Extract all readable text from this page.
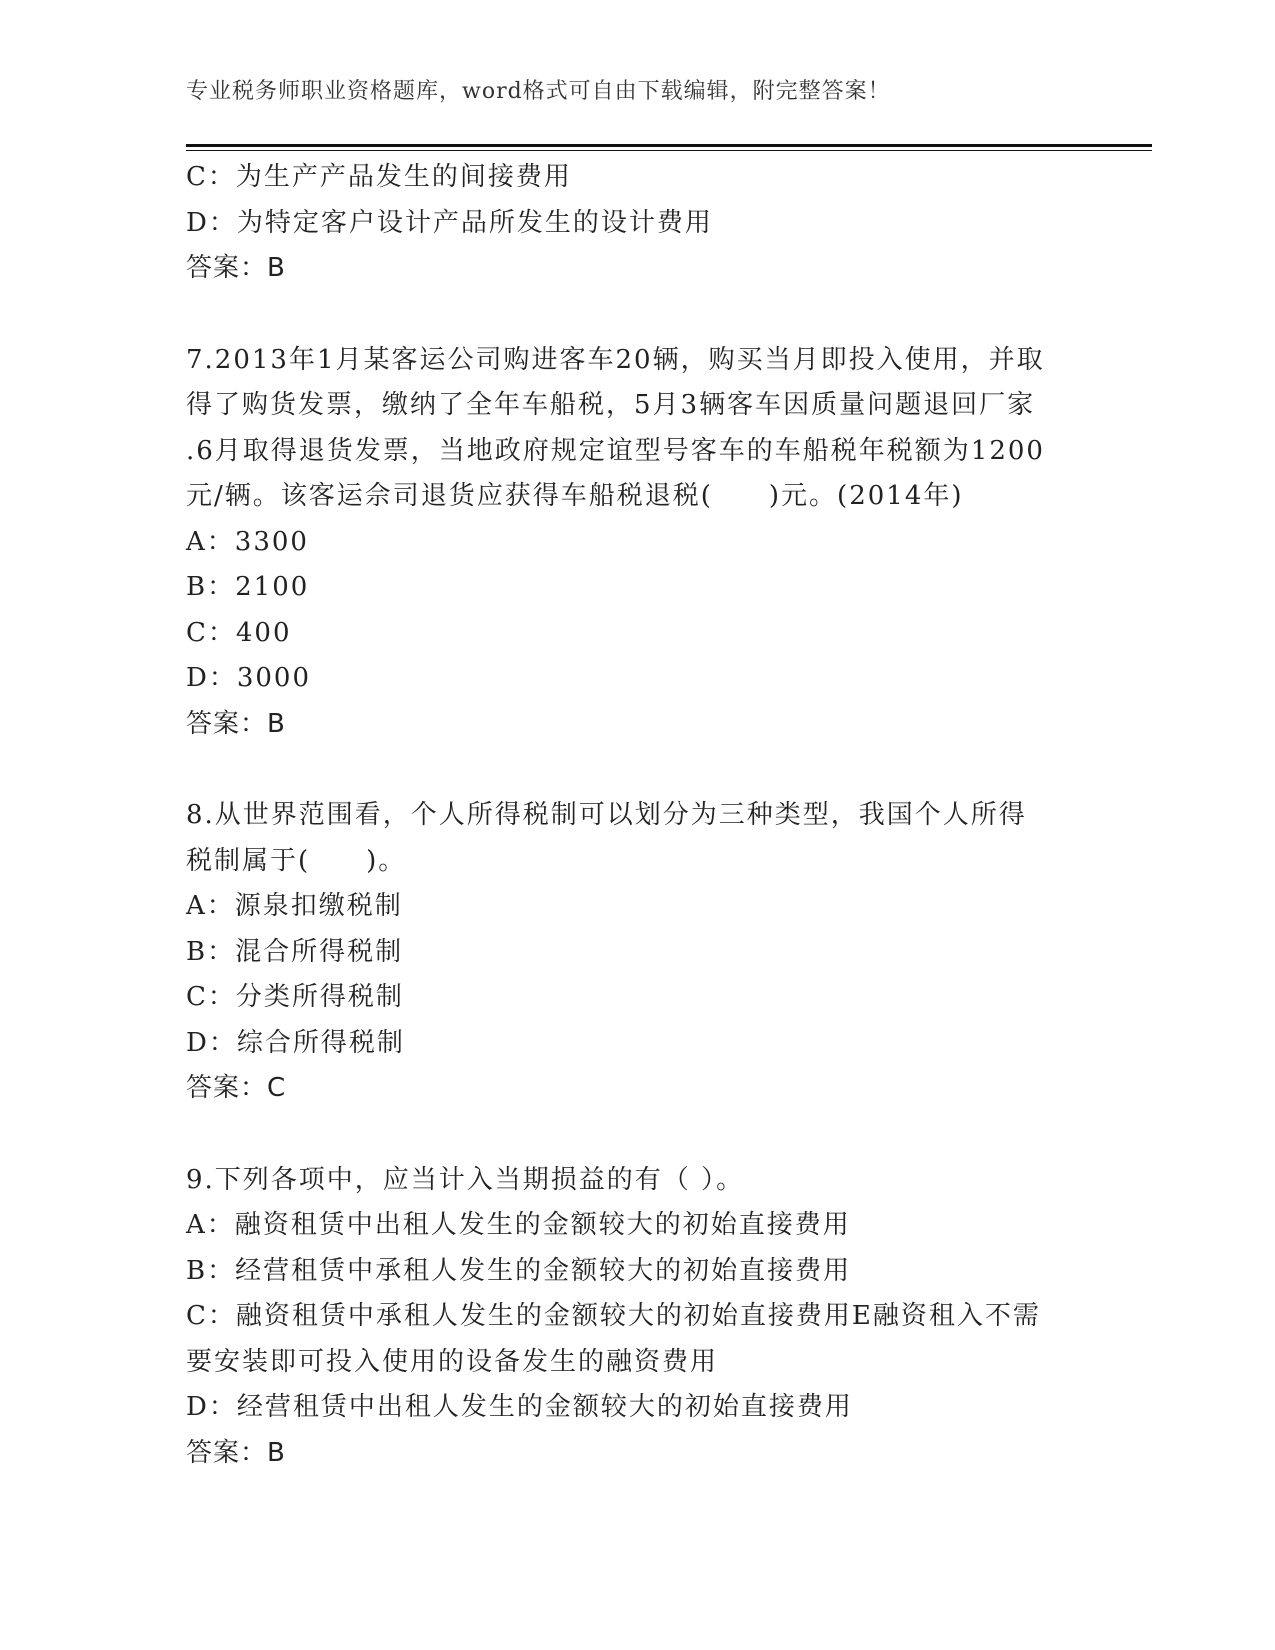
专业税务师职业资格题库，word格式可自由下载编辑，附完整答案！
C：为生产产品发生的间接费用
D：为特定客户设计产品所发生的设计费用
答案：B
7.2013年1月某客运公司购进客车20辆，购买当月即投入使用，并取
得了购货发票，缴纳了全年车船税，5月3辆客车因质量问题退回厂家
.6月取得退货发票，当地政府规定谊型号客车的车船税年税额为1200
元/辆。该客运佘司退货应获得车船税退税(　　)元。(2014年)
A：3300
B：2100
C：400
D：3000
答案：B
8.从世界范围看，个人所得税制可以划分为三种类型，我国个人所得
税制属于(　　)。
A：源泉扣缴税制
B：混合所得税制
C：分类所得税制
D：综合所得税制
答案：C
9.下列各项中，应当计入当期损益的有（ ）。
A：融资租赁中出租人发生的金额较大的初始直接费用
B：经营租赁中承租人发生的金额较大的初始直接费用
C：融资租赁中承租人发生的金额较大的初始直接费用E融资租入不需
要安装即可投入使用的设备发生的融资费用
D：经营租赁中出租人发生的金额较大的初始直接费用
答案：B
